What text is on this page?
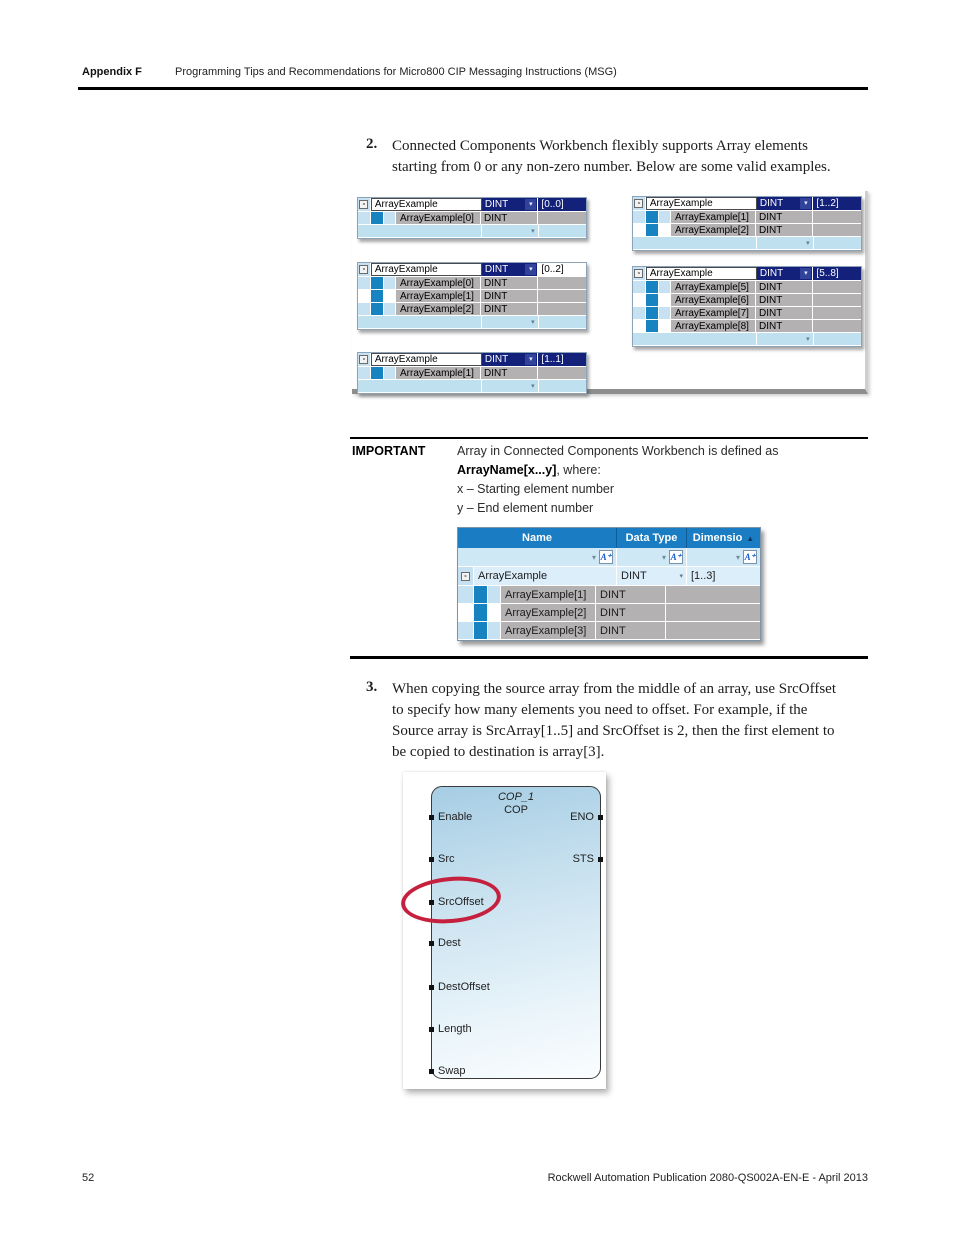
Appendix F	Programming Tips and Recommendations for Micro800 CIP Messaging Instructions (MSG)
2. Connected Components Workbench flexibly supports Array elements
starting from 0 or any non-zero number. Below are some valid examples.
- ArrayExample	DINT	▾ [0..0]
ArrayExample[0]	DINT
▾
- ArrayExample	DINT	▾ [1..2]
ArrayExample[1]	DINT
ArrayExample[2]	DINT
▾
- ArrayExample	DINT	▾ [0..2]
ArrayExample[0]	DINT
ArrayExample[1]	DINT
ArrayExample[2]	DINT
▾
- ArrayExample	DINT	▾ [5..8]
ArrayExample[5]	DINT
ArrayExample[6]	DINT
ArrayExample[7]	DINT
ArrayExample[8]	DINT
▾
- ArrayExample	DINT	▾ [1..1]
ArrayExample[1]	DINT
▾
IMPORTANT	Array in Connected Components Workbench is defined as
ArrayName[x...y], where:
x – Starting element number
y – End element number
Name	Data Type Dimensio ▲
▾ A⁺	▾ A⁺	▾ A⁺
-	ArrayExample	DINT	▾ [1..3]
ArrayExample[1]	DINT
ArrayExample[2]	DINT
ArrayExample[3]	DINT
3. When copying the source array from the middle of an array, use SrcOffset
to specify how many elements you need to offset. For example, if the
Source array is SrcArray[1..5] and SrcOffset is 2, then the first element to
be copied to destination is array[3].
COP_1
COP
Enable
Src
SrcOffset
Dest
DestOffset
Length
Swap
ENO
STS
52	Rockwell Automation Publication 2080-QS002A-EN-E - April 2013
